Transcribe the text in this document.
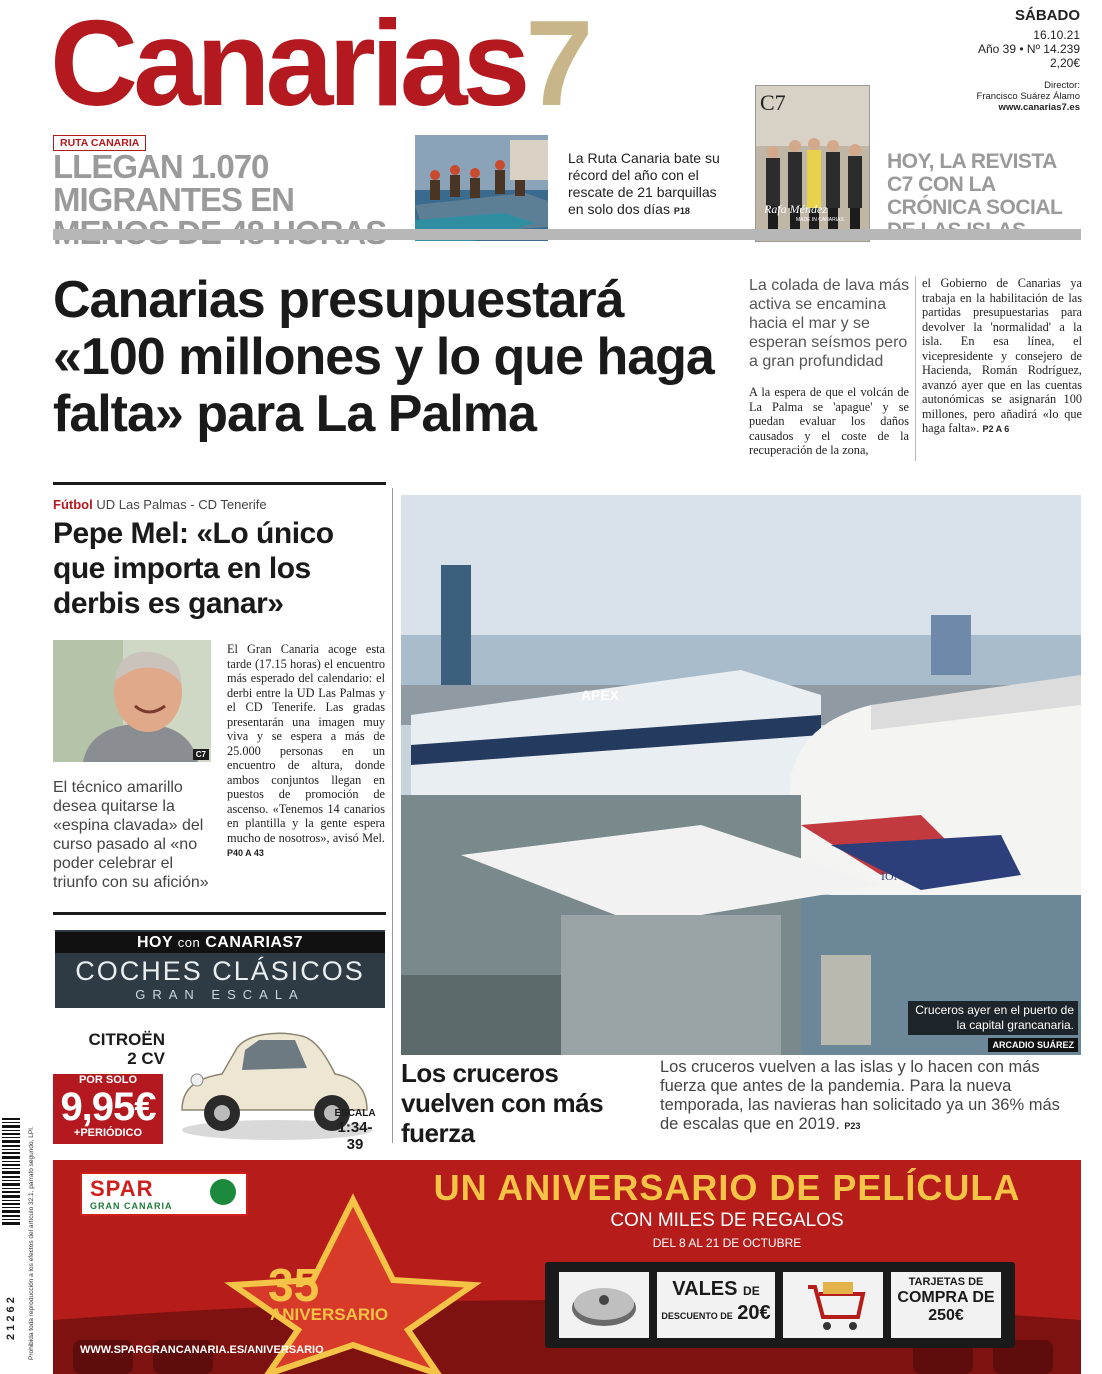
Canarias7	SÁBADO
16.10.21
Año 39 • Nº 14.239
2,20€
Director:
Francisco Suárez Álamo
www.canarias7.es
RUTA CANARIA
LLEGAN 1.070 MIGRANTES EN
La Ruta Canaria bate su récord del año con el rescate de 21 barquillas en solo dos días P18
C7
Rafa Méndez
MADE IN CANARIAS
HOY, LA REVISTA C7 CON LA CRÓNICA SOCIAL
Canarias presupuestará «100 millones y lo que haga falta» para La Palma
La colada de lava más activa se encamina hacia el mar y se esperan seísmos pero a gran profundidad
A la espera de que el volcán de La Palma se 'apague' y se puedan evaluar los daños causados y el coste de la recuperación de la zona,
el Gobierno de Canarias ya trabaja en la habilitación de las partidas presupuestarias para devolver la 'normalidad' a la isla. En esa línea, el vicepresidente y consejero de Hacienda, Román Rodríguez, avanzó ayer que en las cuentas autonómicas se asignarán 100 millones, pero añadirá «lo que haga falta». P2 A 6
Fútbol UD Las Palmas - CD Tenerife
Pepe Mel: «Lo único que importa en los derbis es ganar»
C7
El técnico amarillo desea quitarse la «espina clavada» del curso pasado al «no poder celebrar el triunfo con su afición»
El Gran Canaria acoge esta tarde (17.15 horas) el encuentro más esperado del calendario: el derbi entre la UD Las Palmas y el CD Tenerife. Las gradas presentarán una imagen muy viva y se espera a más de 25.000 personas en un encuentro de altura, donde ambos conjuntos llegan en puestos de promoción de ascenso. «Tenemos 14 canarios en plantilla y la gente espera mucho de nosotros», avisó Mel. P40 A 43
HOY con CANARIAS7
COCHES CLÁSICOS
GRAN ESCALA
CITROËN
2 CV
POR SOLO
9,95€
+PERIÓDICO
ESCALA
1:34-39
APEX
IONA
Cruceros ayer en el puerto de la capital grancanaria.
ARCADIO SUÁREZ
Los cruceros vuelven con más fuerza
Los cruceros vuelven a las islas y lo hacen con más fuerza que antes de la pandemia. Para la nueva temporada, las navieras han solicitado ya un 36% más de escalas que en 2019. P23
2 1 2 6 2	Prohibida toda reproducción a los efectos del artículo 32.1, párrafo segundo, LPI.	SPAR
GRAN CANARIA	UN ANIVERSARIO DE PELÍCULA
CON MILES DE REGALOS
DEL 8 AL 21 DE OCTUBRE
35
ANIVERSARIO
VALES DE
DESCUENTO DE 20€
TARJETAS DE
COMPRA DE
250€
WWW.SPARGRANCANARIA.ES/ANIVERSARIO
